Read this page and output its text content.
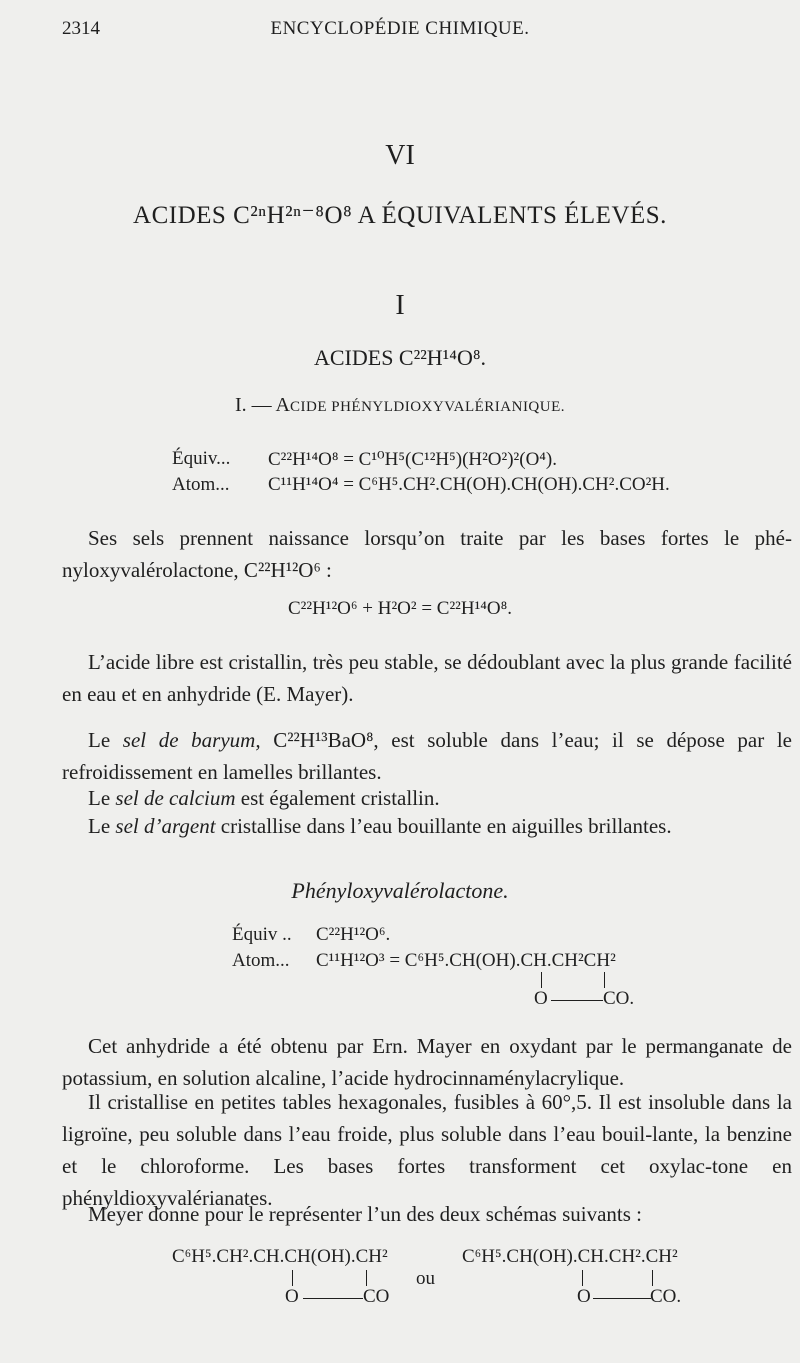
2314	ENCYCLOPÉDIE CHIMIQUE.
VI
ACIDES C²ⁿH²ⁿ⁻⁸O⁸ A ÉQUIVALENTS ÉLEVÉS.
I
ACIDES C²²H¹⁴O⁸.
I. — ACIDE PHÉNYLDIOXYVALÉRIANIQUE.
Équiv... C²²H¹⁴O⁸ = C¹⁰H⁵(C¹²H⁵)(H²O²)²(O⁴).
Atom... C¹¹H¹⁴O⁴ = C⁶H⁵.CH².CH(OH).CH(OH).CH².CO²H.
Ses sels prennent naissance lorsqu’on traite par les bases fortes le phé-nyloxyvalérolactone, C²²H¹²O⁶ :
C²²H¹²O⁶ + H²O² = C²²H¹⁴O⁸.
L’acide libre est cristallin, très peu stable, se dédoublant avec la plus grande facilité en eau et en anhydride (E. Mayer).
Le sel de baryum, C²²H¹³BaO⁸, est soluble dans l’eau; il se dépose par le refroidissement en lamelles brillantes.
Le sel de calcium est également cristallin.
Le sel d’argent cristallise dans l’eau bouillante en aiguilles brillantes.
Phényloxyvalérolactone.
Équiv .. C²²H¹²O⁶.
Atom... C¹¹H¹²O³ = C⁶H⁵.CH(OH).CH.CH²CH²
O	CO.
Cet anhydride a été obtenu par Ern. Mayer en oxydant par le permanganate de potassium, en solution alcaline, l’acide hydrocinnaménylacrylique.
Il cristallise en petites tables hexagonales, fusibles à 60°,5. Il est insoluble dans la ligroïne, peu soluble dans l’eau froide, plus soluble dans l’eau bouil-lante, la benzine et le chloroforme. Les bases fortes transforment cet oxylac-tone en phényldioxyvalérianates.
Meyer donne pour le représenter l’un des deux schémas suivants :
C⁶H⁵.CH².CH.CH(OH).CH²
O	CO
ou
C⁶H⁵.CH(OH).CH.CH².CH²
O	CO.
